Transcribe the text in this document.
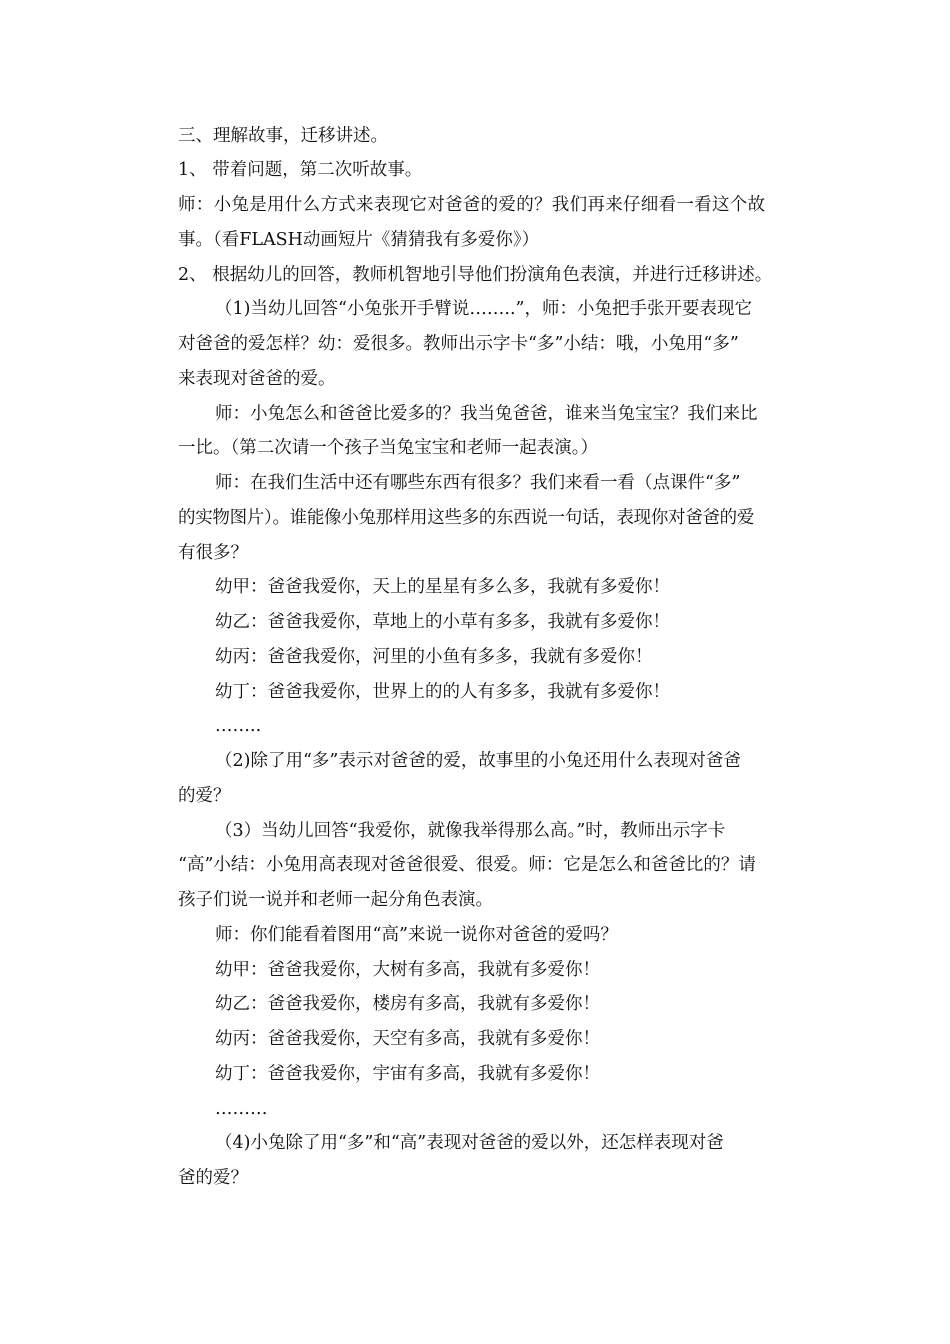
三、理解故事，迁移讲述。
1、 带着问题，第二次听故事。
师：小兔是用什么方式来表现它对爸爸的爱的？我们再来仔细看一看这个故
事。（看FLASH动画短片《猜猜我有多爱你》）
2、 根据幼儿的回答，教师机智地引导他们扮演角色表演，并进行迁移讲述。
（1)当幼儿回答“小兔张开手臂说……..”，师：小兔把手张开要表现它
对爸爸的爱怎样？幼：爱很多。教师出示字卡“多”小结：哦，小兔用“多”
来表现对爸爸的爱。
师：小兔怎么和爸爸比爱多的？我当兔爸爸，谁来当兔宝宝？我们来比
一比。（第二次请一个孩子当兔宝宝和老师一起表演。）
师：在我们生活中还有哪些东西有很多？我们来看一看（点课件“多”
的实物图片）。谁能像小兔那样用这些多的东西说一句话，表现你对爸爸的爱
有很多？
幼甲：爸爸我爱你，天上的星星有多么多，我就有多爱你！
幼乙：爸爸我爱你，草地上的小草有多多，我就有多爱你！
幼丙：爸爸我爱你，河里的小鱼有多多，我就有多爱你！
幼丁：爸爸我爱你，世界上的的人有多多，我就有多爱你！
……..
（2)除了用“多”表示对爸爸的爱，故事里的小兔还用什么表现对爸爸
的爱？
（3）当幼儿回答“我爱你，就像我举得那么高。”时，教师出示字卡
“高”小结：小兔用高表现对爸爸很爱、很爱。师：它是怎么和爸爸比的？请
孩子们说一说并和老师一起分角色表演。
师：你们能看着图用“高”来说一说你对爸爸的爱吗？
幼甲：爸爸我爱你，大树有多高，我就有多爱你！
幼乙：爸爸我爱你，楼房有多高，我就有多爱你！
幼丙：爸爸我爱你，天空有多高，我就有多爱你！
幼丁：爸爸我爱你，宇宙有多高，我就有多爱你！
………
（4)小兔除了用“多”和“高”表现对爸爸的爱以外，还怎样表现对爸
爸的爱？
